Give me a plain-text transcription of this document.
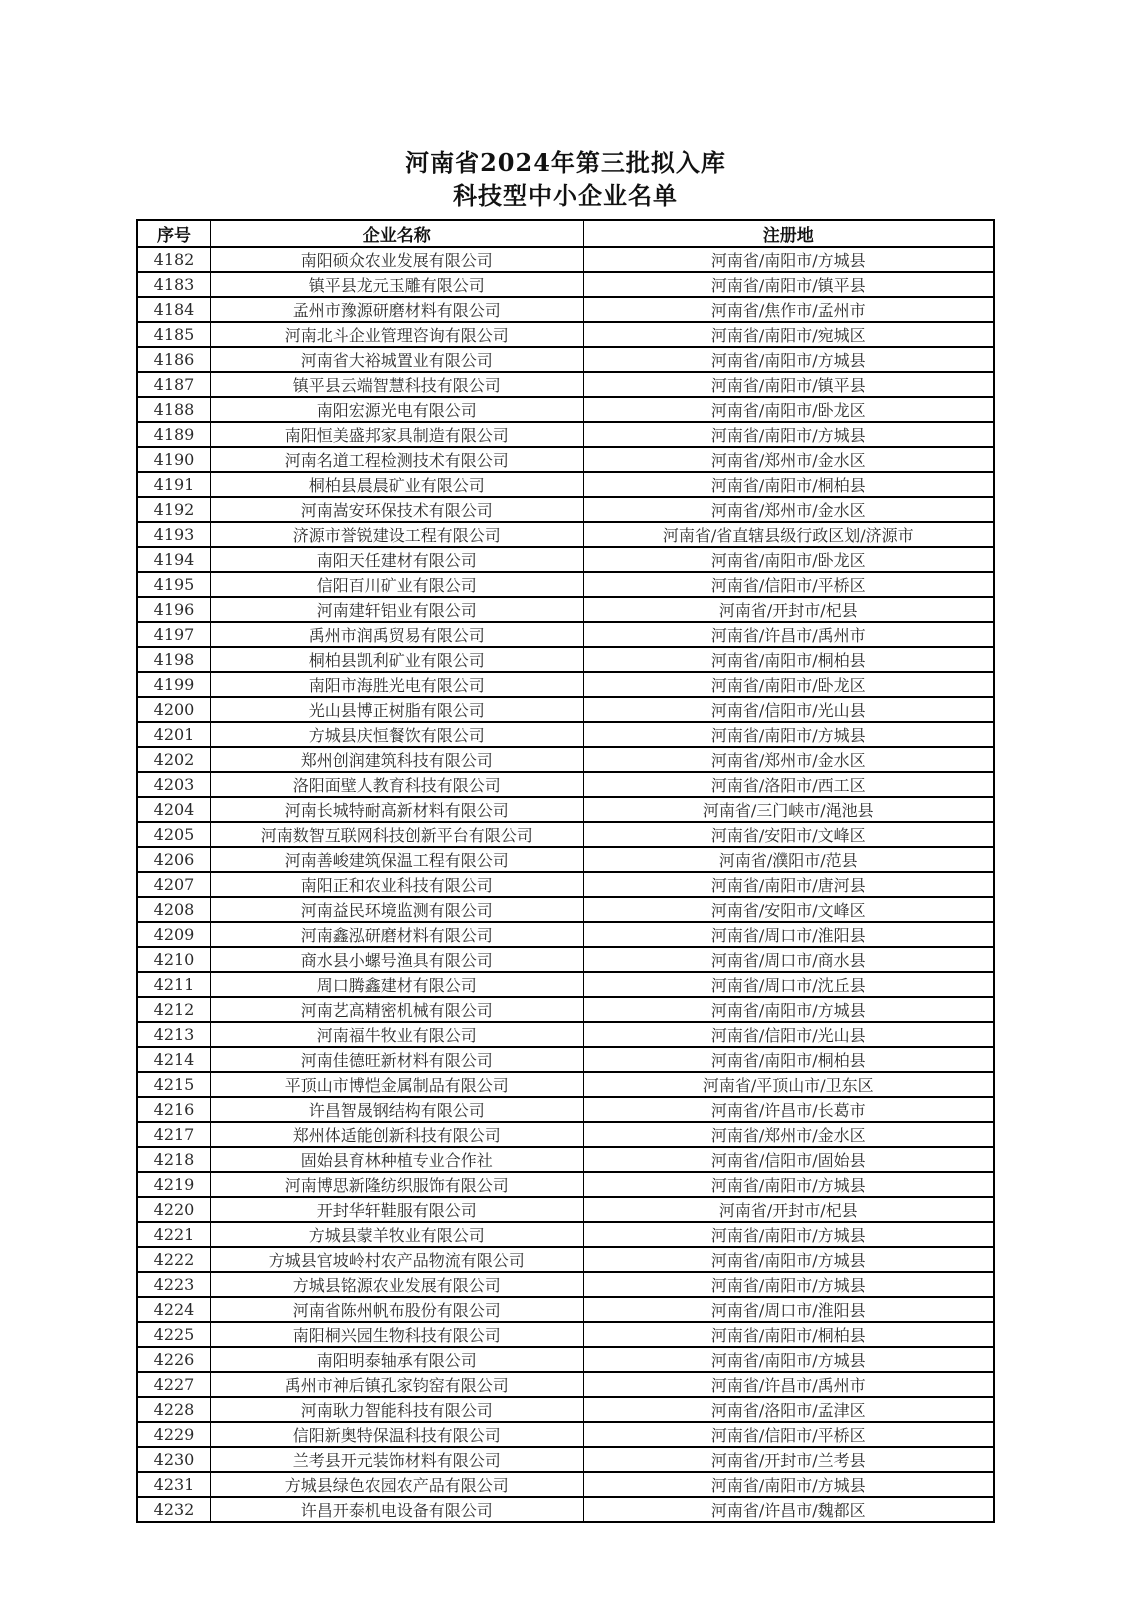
河南省2024年第三批拟入库
科技型中小企业名单
序号	企业名称	注册地
4182	南阳硕众农业发展有限公司	河南省/南阳市/方城县
4183	镇平县龙元玉雕有限公司	河南省/南阳市/镇平县
4184	孟州市豫源研磨材料有限公司	河南省/焦作市/孟州市
4185	河南北斗企业管理咨询有限公司	河南省/南阳市/宛城区
4186	河南省大裕城置业有限公司	河南省/南阳市/方城县
4187	镇平县云端智慧科技有限公司	河南省/南阳市/镇平县
4188	南阳宏源光电有限公司	河南省/南阳市/卧龙区
4189	南阳恒美盛邦家具制造有限公司	河南省/南阳市/方城县
4190	河南名道工程检测技术有限公司	河南省/郑州市/金水区
4191	桐柏县晨晨矿业有限公司	河南省/南阳市/桐柏县
4192	河南嵩安环保技术有限公司	河南省/郑州市/金水区
4193	济源市誉锐建设工程有限公司	河南省/省直辖县级行政区划/济源市
4194	南阳天任建材有限公司	河南省/南阳市/卧龙区
4195	信阳百川矿业有限公司	河南省/信阳市/平桥区
4196	河南建轩铝业有限公司	河南省/开封市/杞县
4197	禹州市润禹贸易有限公司	河南省/许昌市/禹州市
4198	桐柏县凯利矿业有限公司	河南省/南阳市/桐柏县
4199	南阳市海胜光电有限公司	河南省/南阳市/卧龙区
4200	光山县博正树脂有限公司	河南省/信阳市/光山县
4201	方城县庆恒餐饮有限公司	河南省/南阳市/方城县
4202	郑州创润建筑科技有限公司	河南省/郑州市/金水区
4203	洛阳面壁人教育科技有限公司	河南省/洛阳市/西工区
4204	河南长城特耐高新材料有限公司	河南省/三门峡市/渑池县
4205	河南数智互联网科技创新平台有限公司	河南省/安阳市/文峰区
4206	河南善峻建筑保温工程有限公司	河南省/濮阳市/范县
4207	南阳正和农业科技有限公司	河南省/南阳市/唐河县
4208	河南益民环境监测有限公司	河南省/安阳市/文峰区
4209	河南鑫泓研磨材料有限公司	河南省/周口市/淮阳县
4210	商水县小螺号渔具有限公司	河南省/周口市/商水县
4211	周口腾鑫建材有限公司	河南省/周口市/沈丘县
4212	河南艺高精密机械有限公司	河南省/南阳市/方城县
4213	河南福牛牧业有限公司	河南省/信阳市/光山县
4214	河南佳德旺新材料有限公司	河南省/南阳市/桐柏县
4215	平顶山市博恺金属制品有限公司	河南省/平顶山市/卫东区
4216	许昌智晟钢结构有限公司	河南省/许昌市/长葛市
4217	郑州体适能创新科技有限公司	河南省/郑州市/金水区
4218	固始县育林种植专业合作社	河南省/信阳市/固始县
4219	河南博思新隆纺织服饰有限公司	河南省/南阳市/方城县
4220	开封华轩鞋服有限公司	河南省/开封市/杞县
4221	方城县蒙羊牧业有限公司	河南省/南阳市/方城县
4222	方城县官坡岭村农产品物流有限公司	河南省/南阳市/方城县
4223	方城县铭源农业发展有限公司	河南省/南阳市/方城县
4224	河南省陈州帆布股份有限公司	河南省/周口市/淮阳县
4225	南阳桐兴园生物科技有限公司	河南省/南阳市/桐柏县
4226	南阳明泰轴承有限公司	河南省/南阳市/方城县
4227	禹州市神后镇孔家钧窑有限公司	河南省/许昌市/禹州市
4228	河南耿力智能科技有限公司	河南省/洛阳市/孟津区
4229	信阳新奥特保温科技有限公司	河南省/信阳市/平桥区
4230	兰考县开元装饰材料有限公司	河南省/开封市/兰考县
4231	方城县绿色农园农产品有限公司	河南省/南阳市/方城县
4232	许昌开泰机电设备有限公司	河南省/许昌市/魏都区
